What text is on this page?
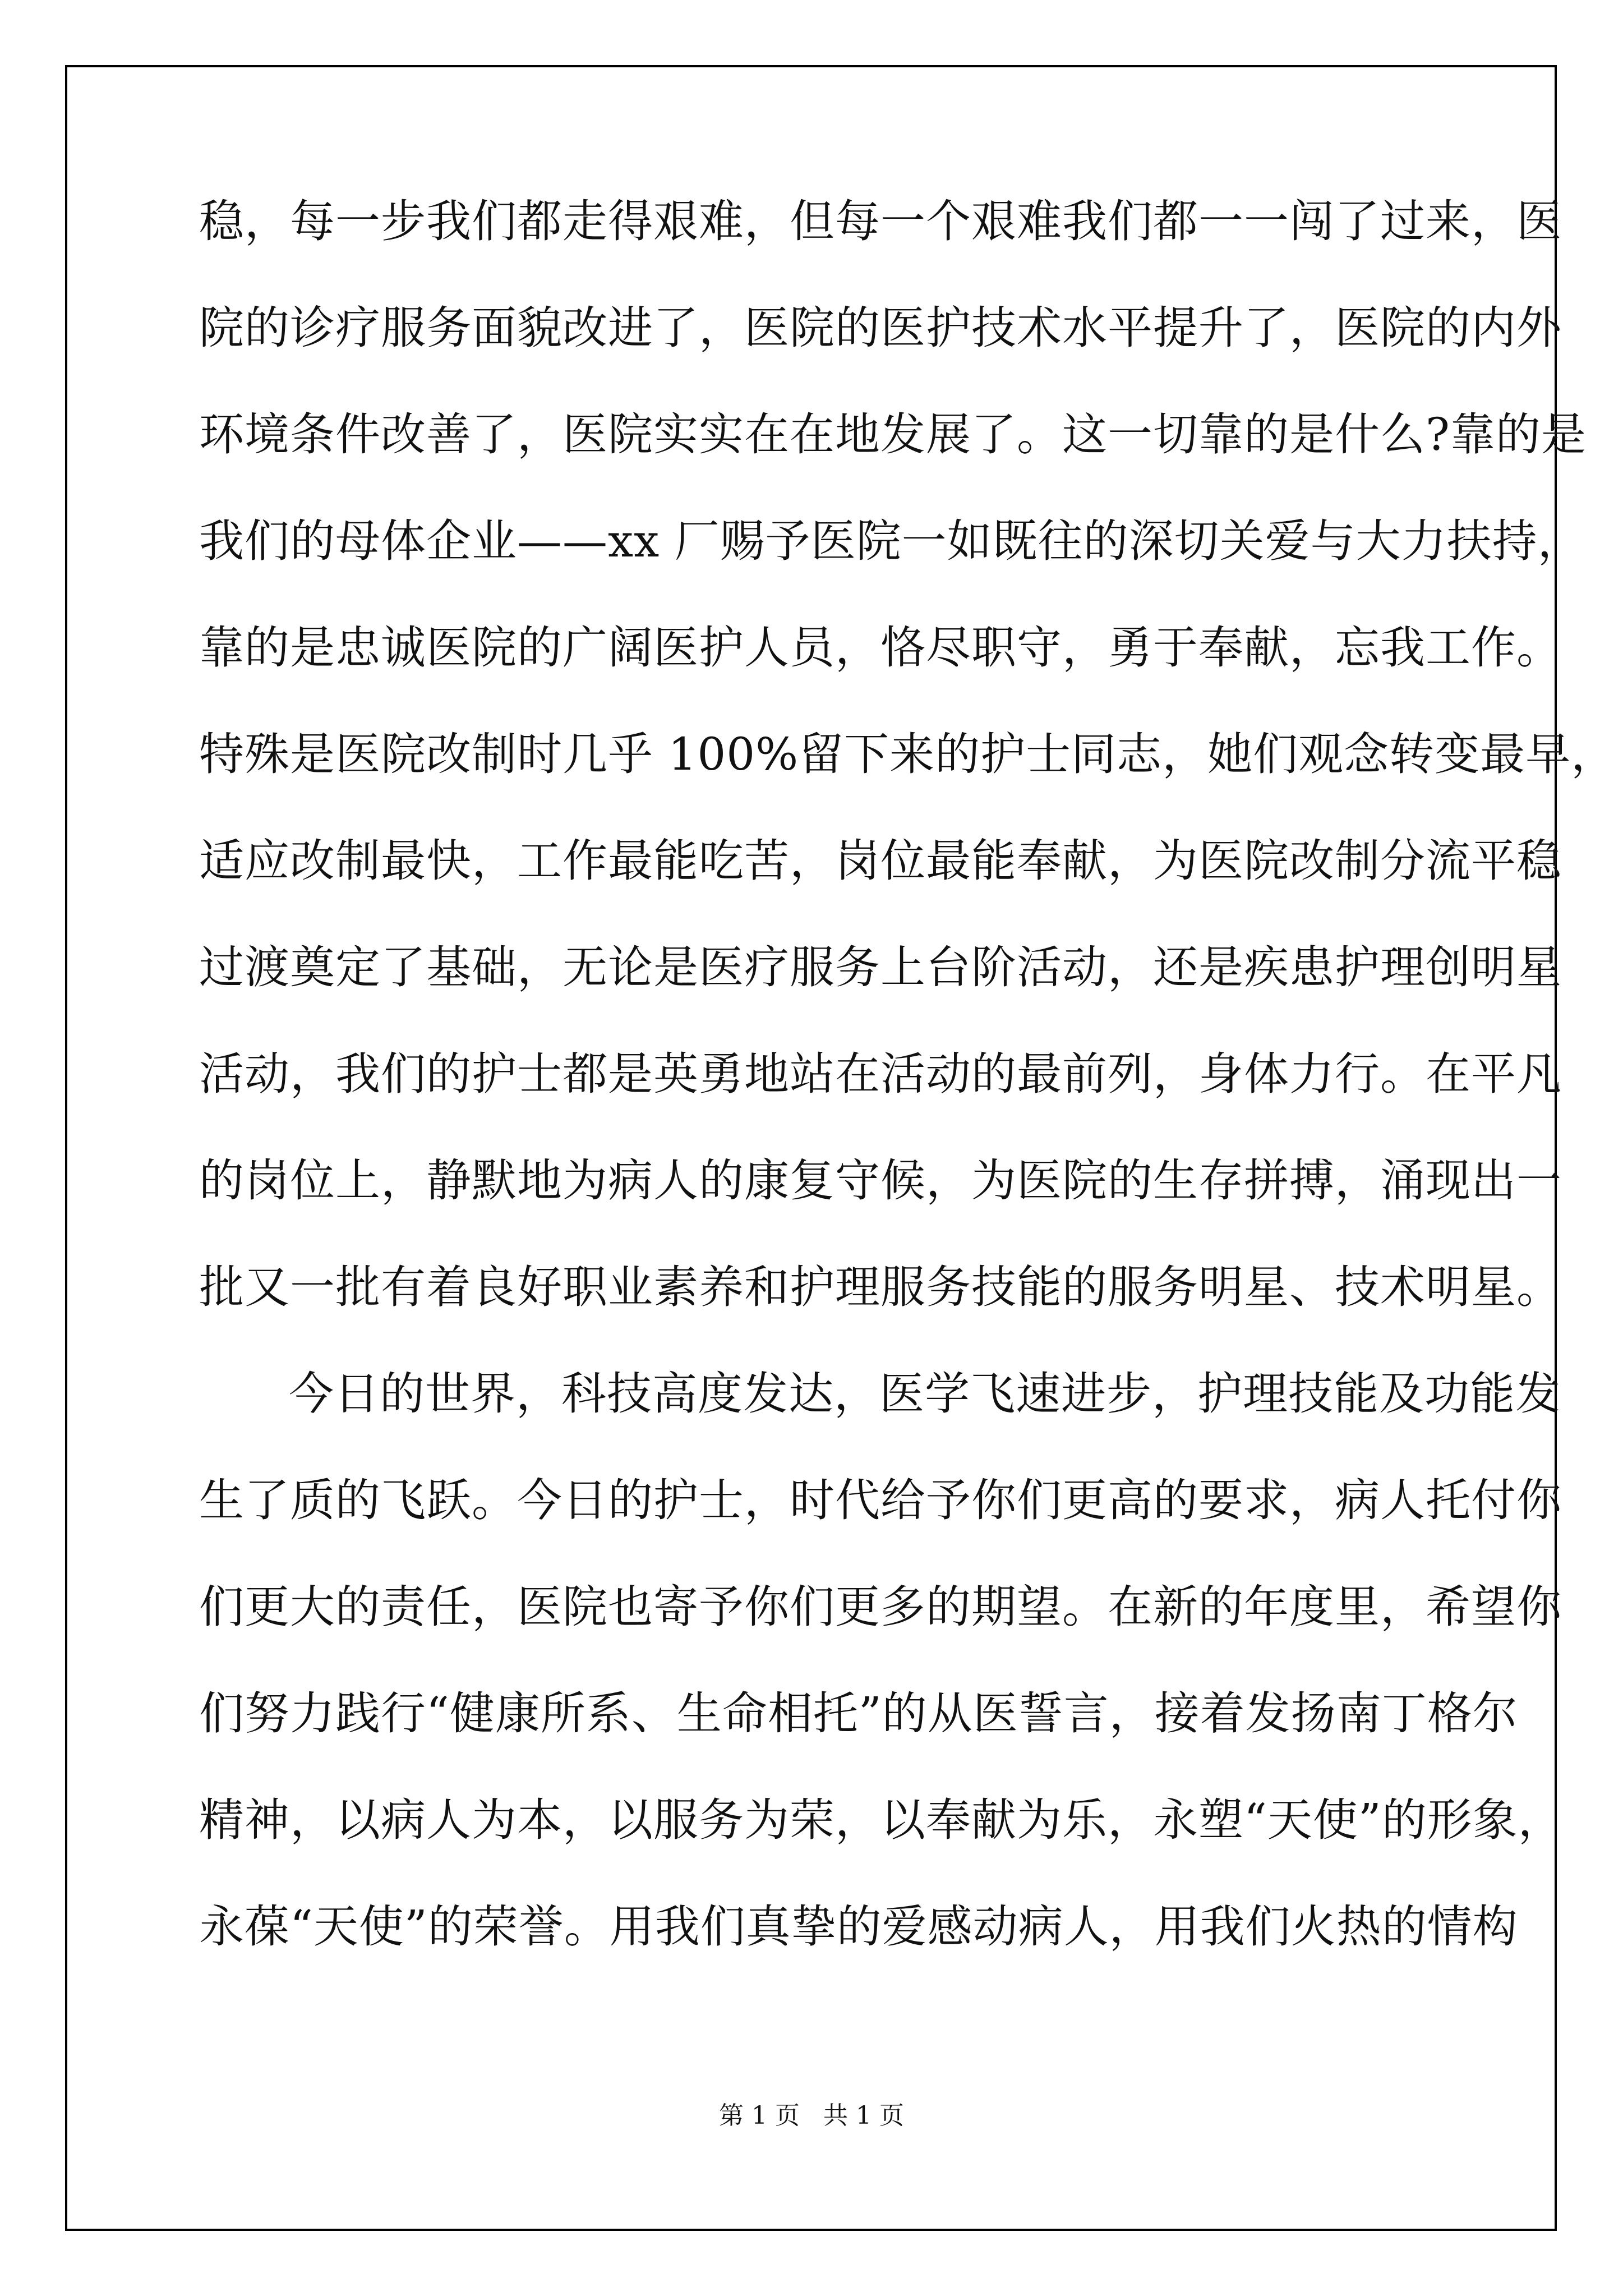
稳，每一步我们都走得艰难，但每一个艰难我们都一一闯了过来，医
院的诊疗服务面貌改进了，医院的医护技术水平提升了，医院的内外
环境条件改善了，医院实实在在地发展了。这一切靠的是什么?靠的是
我们的母体企业——xx 厂赐予医院一如既往的深切关爱与大力扶持，
靠的是忠诚医院的广阔医护人员，恪尽职守，勇于奉献，忘我工作。
特殊是医院改制时几乎 100%留下来的护士同志，她们观念转变最早，
适应改制最快，工作最能吃苦，岗位最能奉献，为医院改制分流平稳
过渡奠定了基础，无论是医疗服务上台阶活动，还是疾患护理创明星
活动，我们的护士都是英勇地站在活动的最前列，身体力行。在平凡
的岗位上，静默地为病人的康复守候，为医院的生存拼搏，涌现出一
批又一批有着良好职业素养和护理服务技能的服务明星、技术明星。
今日的世界，科技高度发达，医学飞速进步，护理技能及功能发
生了质的飞跃。今日的护士，时代给予你们更高的要求，病人托付你
们更大的责任，医院也寄予你们更多的期望。在新的年度里，希望你
们努力践行“健康所系、生命相托”的从医誓言，接着发扬南丁格尔
精神，以病人为本，以服务为荣，以奉献为乐，永塑“天使”的形象，
永葆“天使”的荣誉。用我们真挚的爱感动病人，用我们火热的情构
第 1 页   共 1 页
